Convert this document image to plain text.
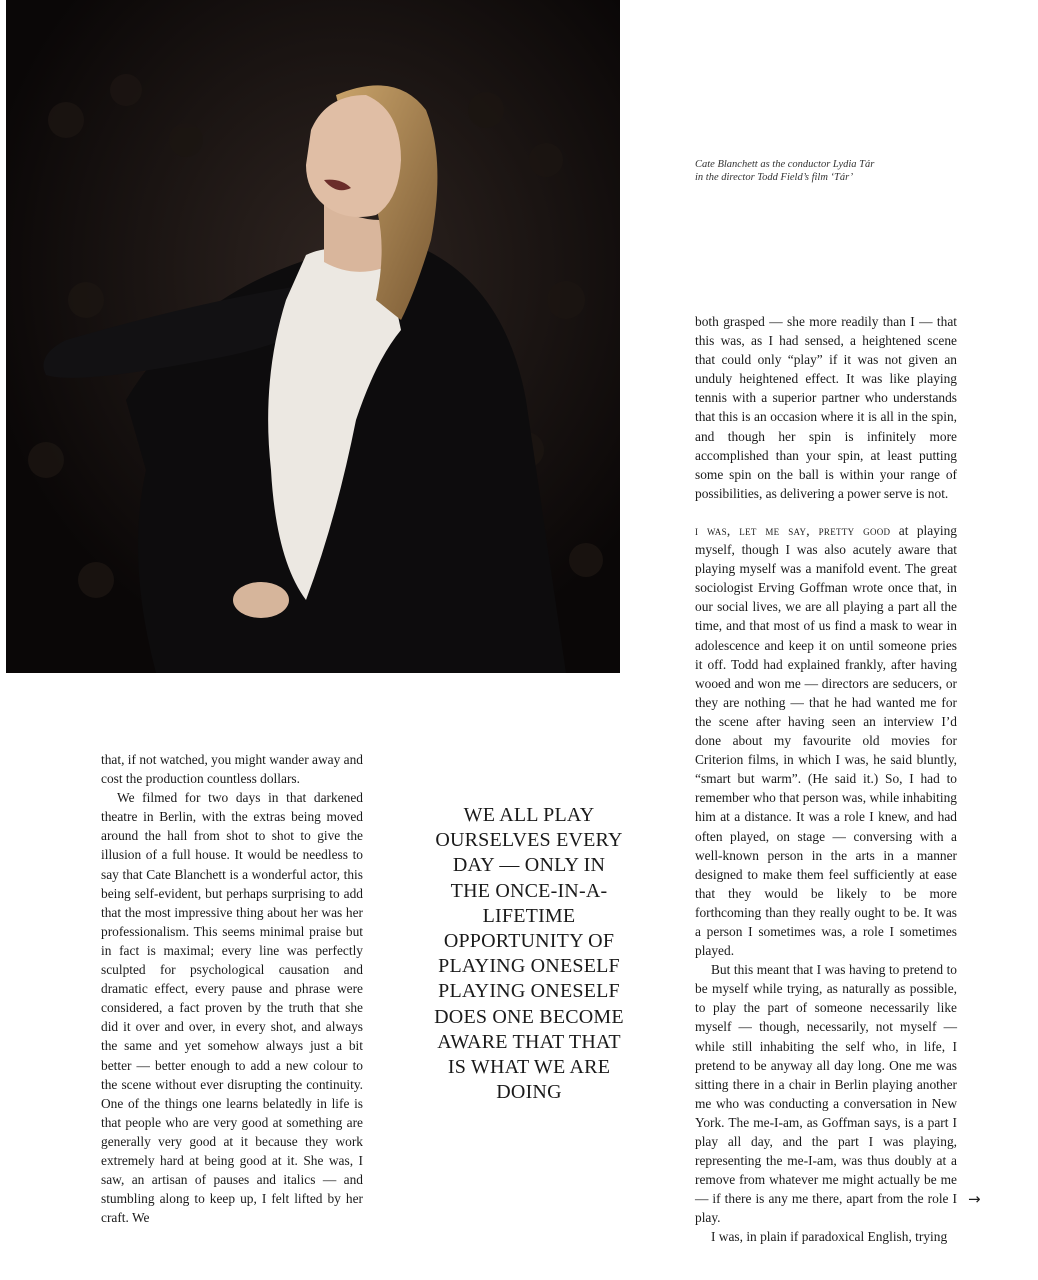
Cate Blanchett as the conductor Lydia Tár
in the director Todd Field’s film ‘Tár’

both grasped — she more readily than I — that this was, as I had sensed, a heightened scene that could only “play” if it was not given an unduly heightened effect. It was like playing tennis with a superior partner who understands that this is an occasion where it is all in the spin, and though her spin is infinitely more accomplished than your spin, at least putting some spin on the ball is within your range of possibilities, as delivering a power serve is not.

i was, let me say, pretty good at playing myself, though I was also acutely aware that playing myself was a manifold event. The great sociologist Erving Goffman wrote once that, in our social lives, we are all playing a part all the time, and that most of us find a mask to wear in adolescence and keep it on until someone pries it off. Todd had explained frankly, after having wooed and won me — directors are seducers, or they are nothing — that he had wanted me for the scene after having seen an interview I’d done about my favourite old movies for Criterion films, in which I was, he said bluntly, “smart but warm”. (He said it.) So, I had to remember who that person was, while inhabiting him at a distance. It was a role I knew, and had often played, on stage — conversing with a well-known person in the arts in a manner designed to make them feel sufficiently at ease that they would be likely to be more forthcoming than they really ought to be. It was a person I sometimes was, a role I sometimes played.

But this meant that I was having to pretend to be myself while trying, as naturally as possible, to play the part of someone necessarily like myself — though, necessarily, not myself — while still inhabiting the self who, in life, I pretend to be anyway all day long. One me was sitting there in a chair in Berlin playing another me who was conducting a conversation in New York. The me-I-am, as Goffman says, is a part I play all day, and the part I was playing, representing the me-I-am, was thus doubly at a remove from whatever me might actually be me — if there is any me there, apart from the role I play.

I was, in plain if paradoxical English, trying

that, if not watched, you might wander away and cost the production countless dollars.

We filmed for two days in that darkened theatre in Berlin, with the extras being moved around the hall from shot to shot to give the illusion of a full house. It would be needless to say that Cate Blanchett is a wonderful actor, this being self-evident, but perhaps surprising to add that the most impressive thing about her was her professionalism. This seems minimal praise but in fact is maximal; every line was perfectly sculpted for psychological causation and dramatic effect, every pause and phrase were considered, a fact proven by the truth that she did it over and over, in every shot, and always the same and yet somehow always just a bit better — better enough to add a new colour to the scene without ever disrupting the continuity. One of the things one learns belatedly in life is that people who are very good at something are generally very good at it because they work extremely hard at being good at it. She was, I saw, an artisan of pauses and italics — and stumbling along to keep up, I felt lifted by her craft. We

WE ALL PLAY OURSELVES EVERY DAY — ONLY IN THE ONCE-IN-A-LIFETIME OPPORTUNITY OF PLAYING ONESELF PLAYING ONESELF DOES ONE BECOME AWARE THAT THAT IS WHAT WE ARE DOING
→
